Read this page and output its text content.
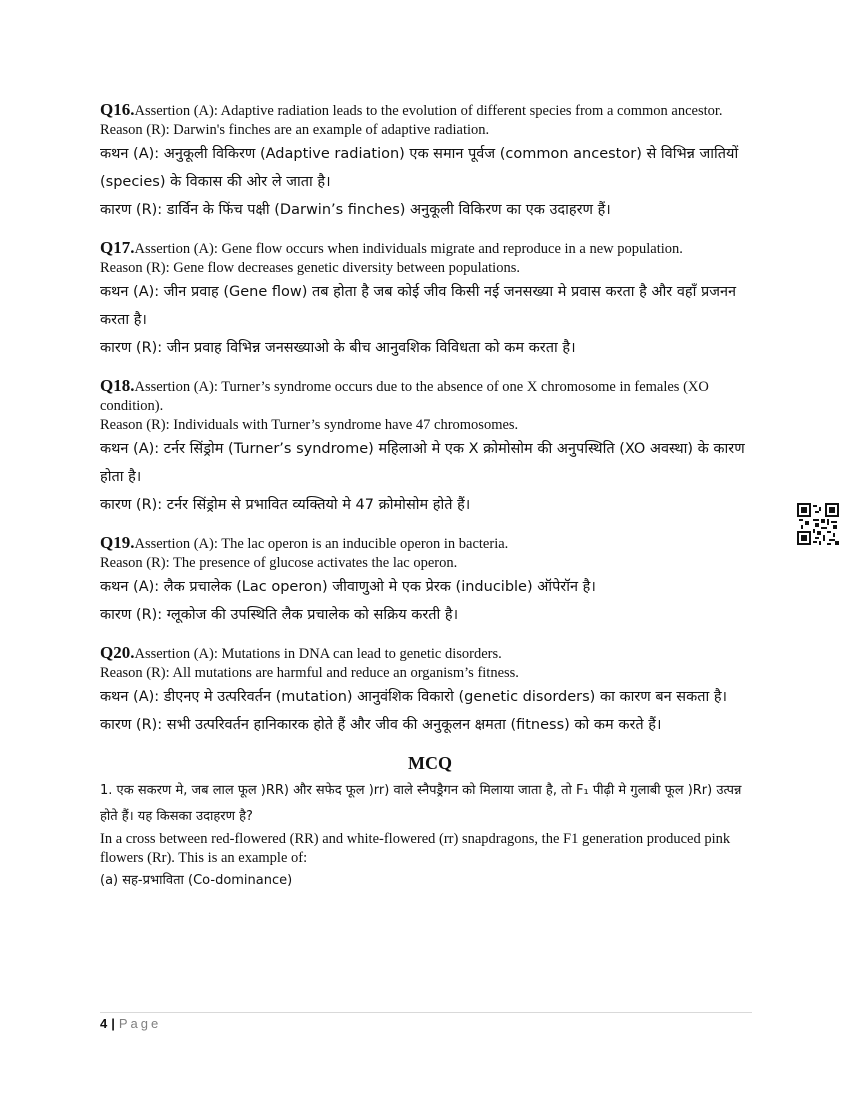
Q16.Assertion (A): Adaptive radiation leads to the evolution of different species from a common ancestor.
Reason (R): Darwin's finches are an example of adaptive radiation.
कथन (A): अनुकूली विकिरण (Adaptive radiation) एक समान पूर्वज (common ancestor) से विभिन्न जातियों (species) के विकास की ओर ले जाता है।
कारण (R): डार्विन के फिंच पक्षी (Darwin’s finches) अनुकूली विकिरण का एक उदाहरण हैं।
Q17.Assertion (A): Gene flow occurs when individuals migrate and reproduce in a new population.
Reason (R): Gene flow decreases genetic diversity between populations.
कथन (A): जीन प्रवाह (Gene flow) तब होता है जब कोई जीव किसी नई जनसख्या मे प्रवास करता है और वहाँ प्रजनन करता है।
कारण (R): जीन प्रवाह विभिन्न जनसख्याओ के बीच आनुवशिक विविधता को कम करता है।
Q18.Assertion (A): Turner’s syndrome occurs due to the absence of one X chromosome in females (XO condition).
Reason (R): Individuals with Turner’s syndrome have 47 chromosomes.
कथन (A): टर्नर सिंड्रोम (Turner’s syndrome) महिलाओ मे एक X क्रोमोसोम की अनुपस्थिति (XO अवस्था) के कारण होता है।
कारण (R): टर्नर सिंड्रोम से प्रभावित व्यक्तियो मे 47 क्रोमोसोम होते हैं।
Q19.Assertion (A): The lac operon is an inducible operon in bacteria.
Reason (R): The presence of glucose activates the lac operon.
कथन (A): लैक प्रचालेक (Lac operon) जीवाणुओ मे एक प्रेरक (inducible) ऑपेरॉन है।
कारण (R): ग्लूकोज की उपस्थिति लैक प्रचालेक को सक्रिय करती है।
Q20.Assertion (A): Mutations in DNA can lead to genetic disorders.
Reason (R): All mutations are harmful and reduce an organism’s fitness.
कथन (A): डीएनए मे उत्परिवर्तन (mutation) आनुवंशिक विकारो (genetic disorders) का कारण बन सकता है।
कारण (R): सभी उत्परिवर्तन हानिकारक होते हैं और जीव की अनुकूलन क्षमता (fitness) को कम करते हैं।
MCQ
1. एक सकरण मे, जब लाल फूल )RR) और सफेद फूल )rr) वाले स्नैपड्रैगन को मिलाया जाता है, तो F₁ पीढ़ी मे गुलाबी फूल )Rr) उत्पन्न होते हैं। यह किसका उदाहरण है?
In a cross between red-flowered (RR) and white-flowered (rr) snapdragons, the F1 generation produced pink flowers (Rr). This is an example of:
(a) सह-प्रभाविता (Co-dominance)
4 | Page
